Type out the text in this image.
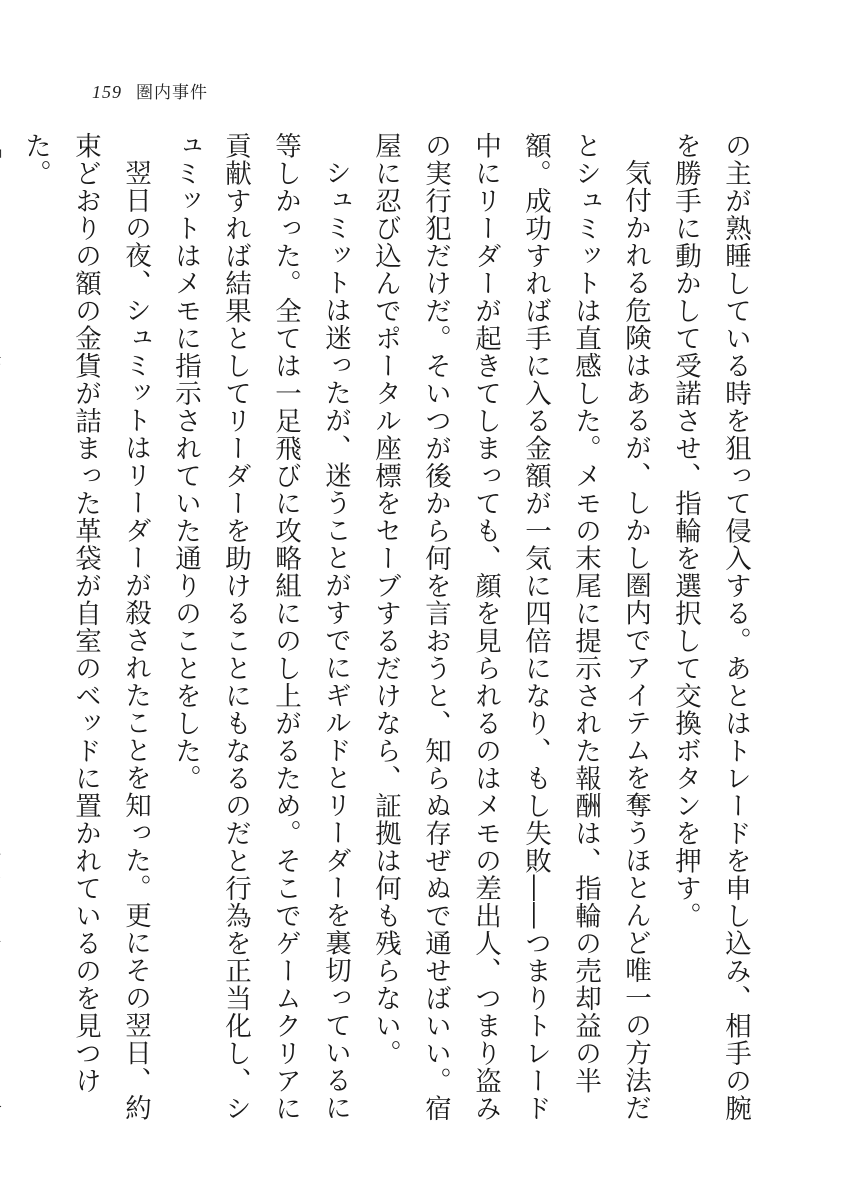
159 圏内事件

の主が熟睡している時を狙って侵入する。あとはトレードを申し込み、相手の腕を勝手に動かして受諾させ、指輪を選択して交換ボタンを押す。

気付かれる危険はあるが、しかし圏内でアイテムを奪うほとんど唯一の方法だとシュミットは直感した。メモの末尾に提示された報酬は、指輪の売却益の半額。成功すれば手に入る金額が一気に四倍になり、もし失敗――つまりトレード中にリーダーが起きてしまっても、顔を見られるのはメモの差出人、つまり盗みの実行犯だけだ。そいつが後から何を言おうと、知らぬ存ぜぬで通せばいい。宿屋に忍び込んでポータル座標をセーブするだけなら、証拠は何も残らない。

シュミットは迷ったが、迷うことがすでにギルドとリーダーを裏切っているに等しかった。全ては一足飛びに攻略組にのし上がるため。そこでゲームクリアに貢献すれば結果としてリーダーを助けることにもなるのだと行為を正当化し、シュミットはメモに指示されていた通りのことをした。

翌日の夜、シュミットはリーダーが殺されたことを知った。更にその翌日、約束どおりの額の金貨が詰まった革袋が自室のベッドに置かれているのを見つけた。
